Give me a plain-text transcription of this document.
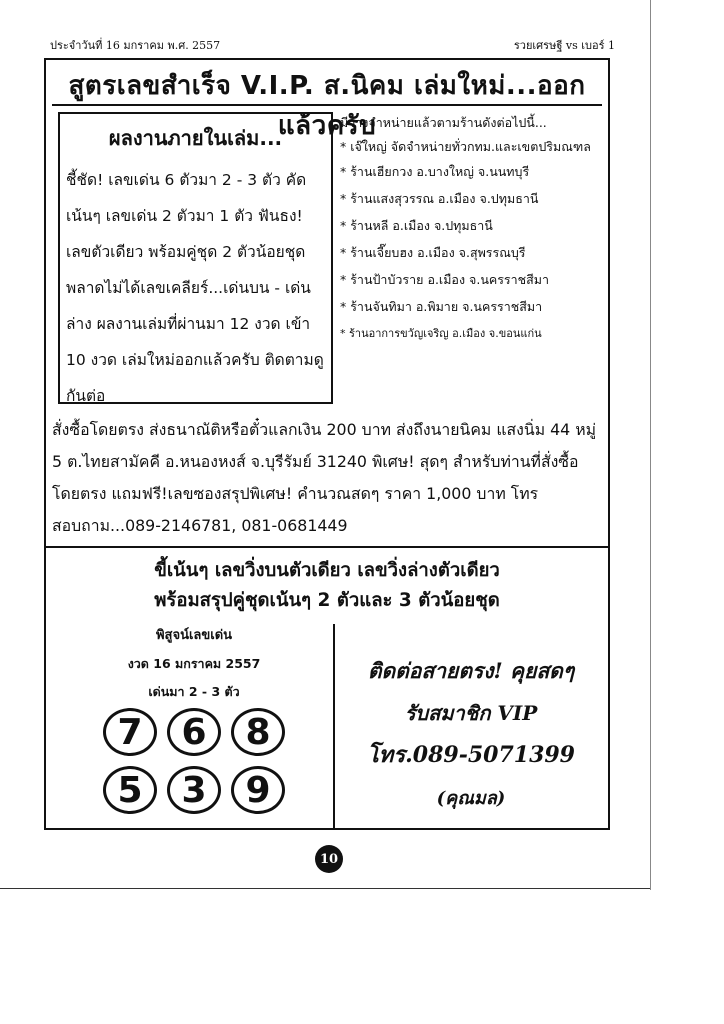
ประจำวันที่ 16 มกราคม พ.ศ. 2557	รวยเศรษฐี vs เบอร์ 1
สูตรเลขสำเร็จ V.I.P. ส.นิคม เล่มใหม่...ออกแล้วครับ
ผลงานภายในเล่ม...
ชี้ชัด! เลขเด่น 6 ตัวมา 2 - 3 ตัว คัดเน้นๆ เลขเด่น 2 ตัวมา 1 ตัว ฟันธง! เลขตัวเดียว พร้อมคู่ชุด 2 ตัวน้อยชุด พลาดไม่ได้เลขเคลียร์...เด่นบน - เด่นล่าง ผลงานเล่มที่ผ่านมา 12 งวด เข้า 10 งวด เล่มใหม่ออกแล้วครับ ติดตามดูกันต่อ

มีวางจำหน่ายแล้วตามร้านดังต่อไปนี้...

* เจ๊ใหญ่ จัดจำหน่ายทั่วกทม.และเขตปริมณฑล
* ร้านเฮียกวง อ.บางใหญ่ จ.นนทบุรี
* ร้านแสงสุวรรณ อ.เมือง จ.ปทุมธานี
* ร้านหลี อ.เมือง จ.ปทุมธานี
* ร้านเจี๊ยบฮง อ.เมือง จ.สุพรรณบุรี
* ร้านป้าบัวราย อ.เมือง จ.นครราชสีมา
* ร้านจันทิมา อ.พิมาย จ.นครราชสีมา
* ร้านอาการขวัญเจริญ อ.เมือง จ.ขอนแก่น
สั่งซื้อโดยตรง ส่งธนาณัติหรือตั๋วแลกเงิน 200 บาท ส่งถึงนายนิคม แสงนิ่ม 44 หมู่ 5 ต.ไทยสามัคคี อ.หนองหงส์ จ.บุรีรัมย์ 31240 พิเศษ! สุดๆ สำหรับท่านที่สั่งซื้อโดยตรง แถมฟรี!เลขซองสรุปพิเศษ! คำนวณสดๆ ราคา 1,000 บาท โทรสอบถาม...089-2146781, 081-0681449
ขี้เน้นๆ เลขวิ่งบนตัวเดียว เลขวิ่งล่างตัวเดียว
พร้อมสรุปคู่ชุดเน้นๆ 2 ตัวและ 3 ตัวน้อยชุด
พิสูจน์เลขเด่น
งวด 16 มกราคม 2557
เด่นมา 2 - 3 ตัว
7	6	8
5	3	9
ติดต่อสายตรง! คุยสดๆ
รับสมาชิก VIP
โทร.089-5071399
(คุณมล)
10
